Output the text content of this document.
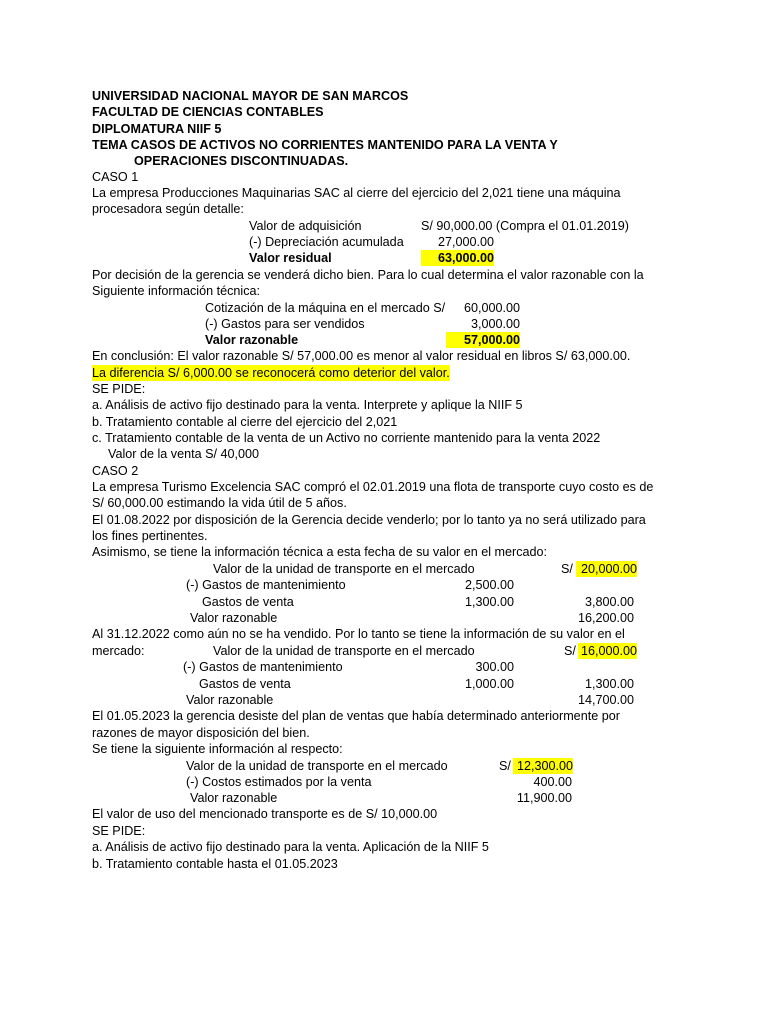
UNIVERSIDAD NACIONAL MAYOR DE SAN MARCOS
FACULTAD DE CIENCIAS CONTABLES
DIPLOMATURA NIIF 5
TEMA CASOS DE ACTIVOS NO CORRIENTES MANTENIDO PARA LA VENTA Y
OPERACIONES DISCONTINUADAS.
CASO 1
La empresa Producciones Maquinarias SAC al cierre del ejercicio del 2,021 tiene una máquina
procesadora según detalle:
Valor de adquisición	S/ 90,000.00 (Compra el 01.01.2019)
(-) Depreciación acumulada	27,000.00
Valor residual	63,000.00
Por decisión de la gerencia se venderá dicho bien. Para lo cual determina el valor razonable con la
Siguiente información técnica:
Cotización de la máquina en el mercado S/	60,000.00
(-) Gastos para ser vendidos	3,000.00
Valor razonable	57,000.00
En conclusión: El valor razonable S/ 57,000.00 es menor al valor residual en libros S/ 63,000.00.
La diferencia S/ 6,000.00 se reconocerá como deterior del valor.
SE PIDE:
a. Análisis de activo fijo destinado para la venta. Interprete y aplique la NIIF 5
b. Tratamiento contable al cierre del ejercicio del 2,021
c. Tratamiento contable de la venta de un Activo no corriente mantenido para la venta 2022
Valor de la venta S/ 40,000
CASO 2
La empresa Turismo Excelencia SAC compró el 02.01.2019 una flota de transporte cuyo costo es de
S/ 60,000.00 estimando la vida útil de 5 años.
El 01.08.2022 por disposición de la Gerencia decide venderlo; por lo tanto ya no será utilizado para
los fines pertinentes.
Asimismo, se tiene la información técnica a esta fecha de su valor en el mercado:
Valor de la unidad de transporte en el mercado	S/ 20,000.00
(-) Gastos de mantenimiento	2,500.00
Gastos de venta	1,300.00	3,800.00
Valor razonable	16,200.00
Al 31.12.2022 como aún no se ha vendido. Por lo tanto se tiene la información de su valor en el
mercado:	Valor de la unidad de transporte en el mercado	S/ 16,000.00
(-) Gastos de mantenimiento	300.00
Gastos de venta	1,000.00	1,300.00
Valor razonable	14,700.00
El 01.05.2023 la gerencia desiste del plan de ventas que había determinado anteriormente por
razones de mayor disposición del bien.
Se tiene la siguiente información al respecto:
Valor de la unidad de transporte en el mercado	S/ 12,300.00
(-) Costos estimados por la venta	400.00
Valor razonable	11,900.00
El valor de uso del mencionado transporte es de S/ 10,000.00
SE PIDE:
a. Análisis de activo fijo destinado para la venta. Aplicación de la NIIF 5
b. Tratamiento contable hasta el 01.05.2023
